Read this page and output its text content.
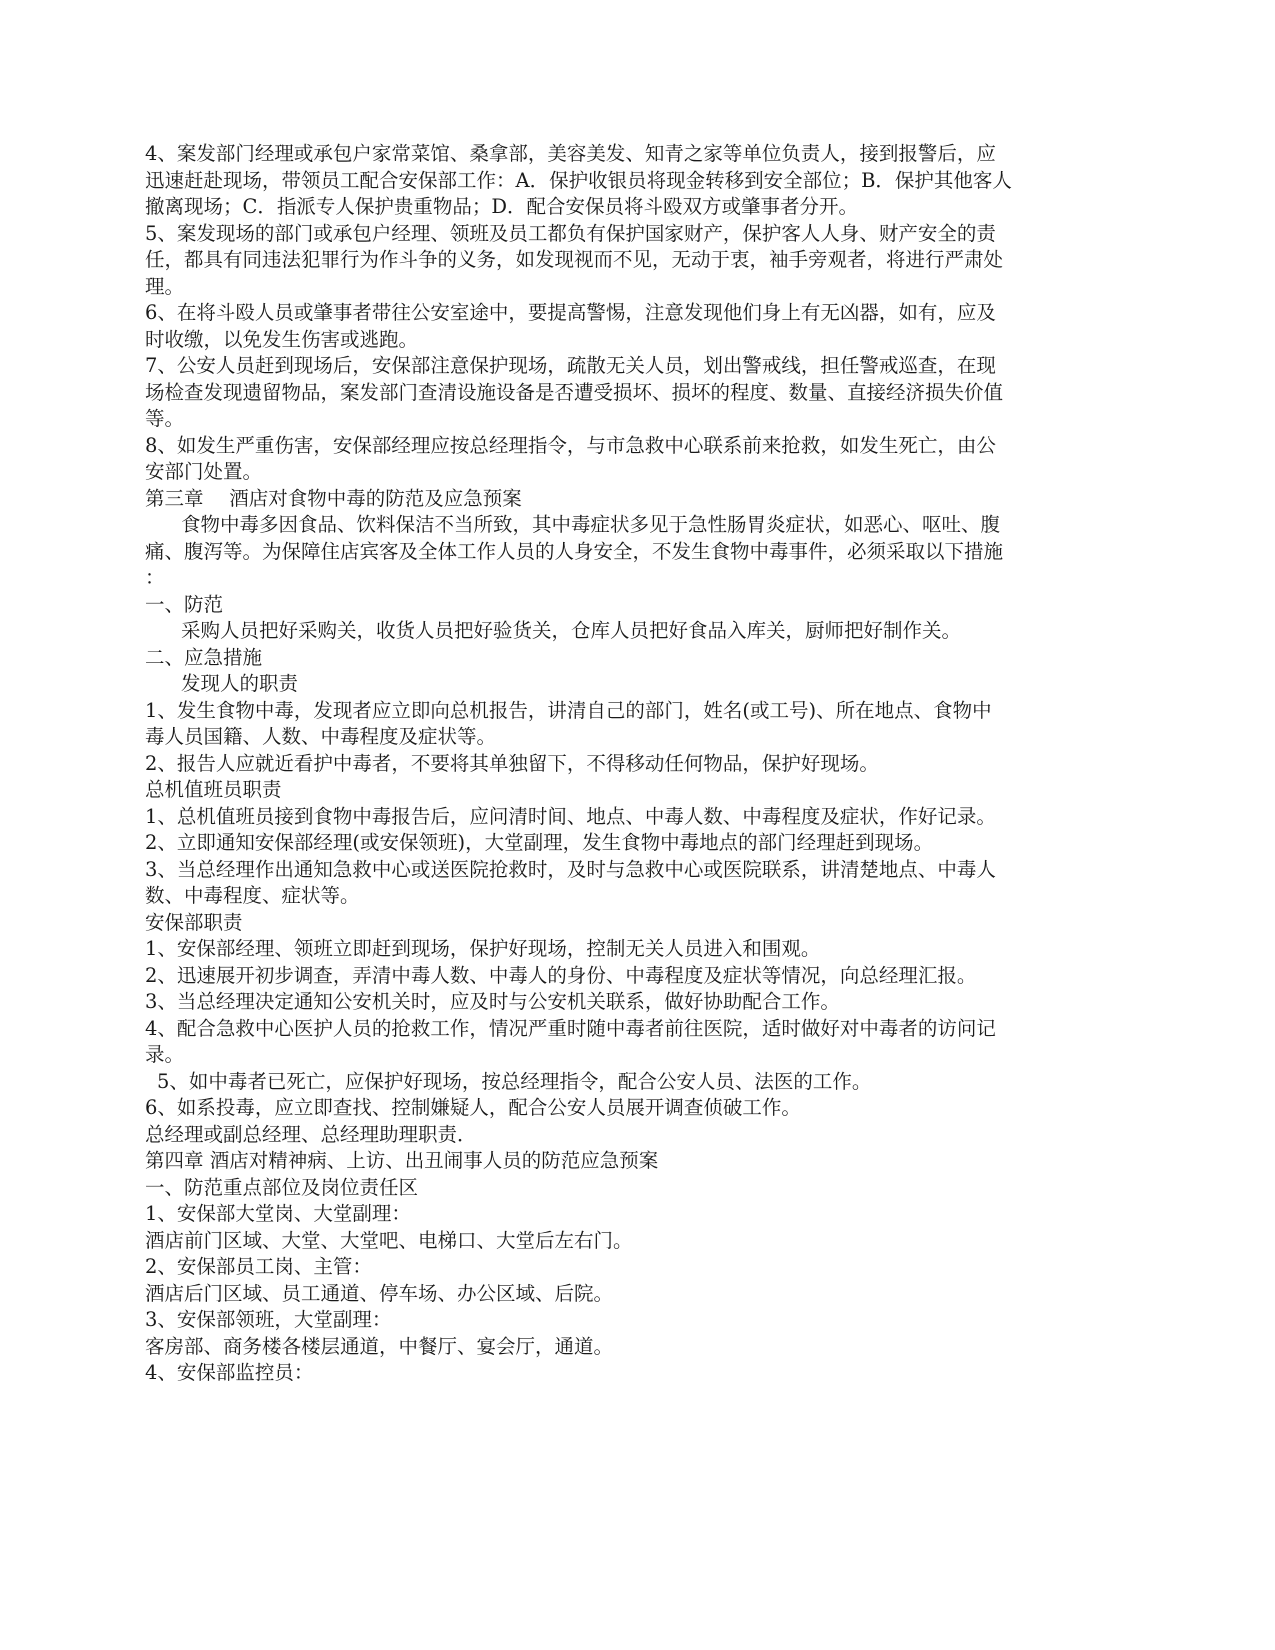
4、案发部门经理或承包户家常菜馆、桑拿部，美容美发、知青之家等单位负责人，接到报警后，应
迅速赶赴现场，带领员工配合安保部工作：A．保护收银员将现金转移到安全部位；B．保护其他客人
撤离现场；C．指派专人保护贵重物品；D．配合安保员将斗殴双方或肇事者分开。
5、案发现场的部门或承包户经理、领班及员工都负有保护国家财产，保护客人人身、财产安全的责
任，都具有同违法犯罪行为作斗争的义务，如发现视而不见，无动于衷，袖手旁观者，将进行严肃处
理。
6、在将斗殴人员或肇事者带往公安室途中，要提高警惕，注意发现他们身上有无凶器，如有，应及
时收缴，以免发生伤害或逃跑。
7、公安人员赶到现场后，安保部注意保护现场，疏散无关人员，划出警戒线，担任警戒巡查，在现
场检查发现遗留物品，案发部门查清设施设备是否遭受损坏、损坏的程度、数量、直接经济损失价值
等。
8、如发生严重伤害，安保部经理应按总经理指令，与市急救中心联系前来抢救，如发生死亡，由公
安部门处置。
第三章　 酒店对食物中毒的防范及应急预案
食物中毒多因食品、饮料保洁不当所致，其中毒症状多见于急性肠胃炎症状，如恶心、呕吐、腹
痛、腹泻等。为保障住店宾客及全体工作人员的人身安全，不发生食物中毒事件，必须采取以下措施
：
一、防范
采购人员把好采购关，收货人员把好验货关，仓库人员把好食品入库关，厨师把好制作关。
二、应急措施
发现人的职责
1、发生食物中毒，发现者应立即向总机报告，讲清自己的部门，姓名(或工号)、所在地点、食物中
毒人员国籍、人数、中毒程度及症状等。
2、报告人应就近看护中毒者，不要将其单独留下，不得移动任何物品，保护好现场。
总机值班员职责
1、总机值班员接到食物中毒报告后，应问清时间、地点、中毒人数、中毒程度及症状，作好记录。
2、立即通知安保部经理(或安保领班)，大堂副理，发生食物中毒地点的部门经理赶到现场。
3、当总经理作出通知急救中心或送医院抢救时，及时与急救中心或医院联系，讲清楚地点、中毒人
数、中毒程度、症状等。
安保部职责
1、安保部经理、领班立即赶到现场，保护好现场，控制无关人员进入和围观。
2、迅速展开初步调查，弄清中毒人数、中毒人的身份、中毒程度及症状等情况，向总经理汇报。
3、当总经理决定通知公安机关时，应及时与公安机关联系，做好协助配合工作。
4、配合急救中心医护人员的抢救工作，情况严重时随中毒者前往医院，适时做好对中毒者的访问记
录。
5、如中毒者已死亡，应保护好现场，按总经理指令，配合公安人员、法医的工作。
6、如系投毒，应立即查找、控制嫌疑人，配合公安人员展开调查侦破工作。
总经理或副总经理、总经理助理职责．
第四章 酒店对精神病、上访、出丑闹事人员的防范应急预案
一、防范重点部位及岗位责任区
1、安保部大堂岗、大堂副理：
酒店前门区域、大堂、大堂吧、电梯口、大堂后左右门。
2、安保部员工岗、主管：
酒店后门区域、员工通道、停车场、办公区域、后院。
3、安保部领班，大堂副理：
客房部、商务楼各楼层通道，中餐厅、宴会厅，通道。
4、安保部监控员：
